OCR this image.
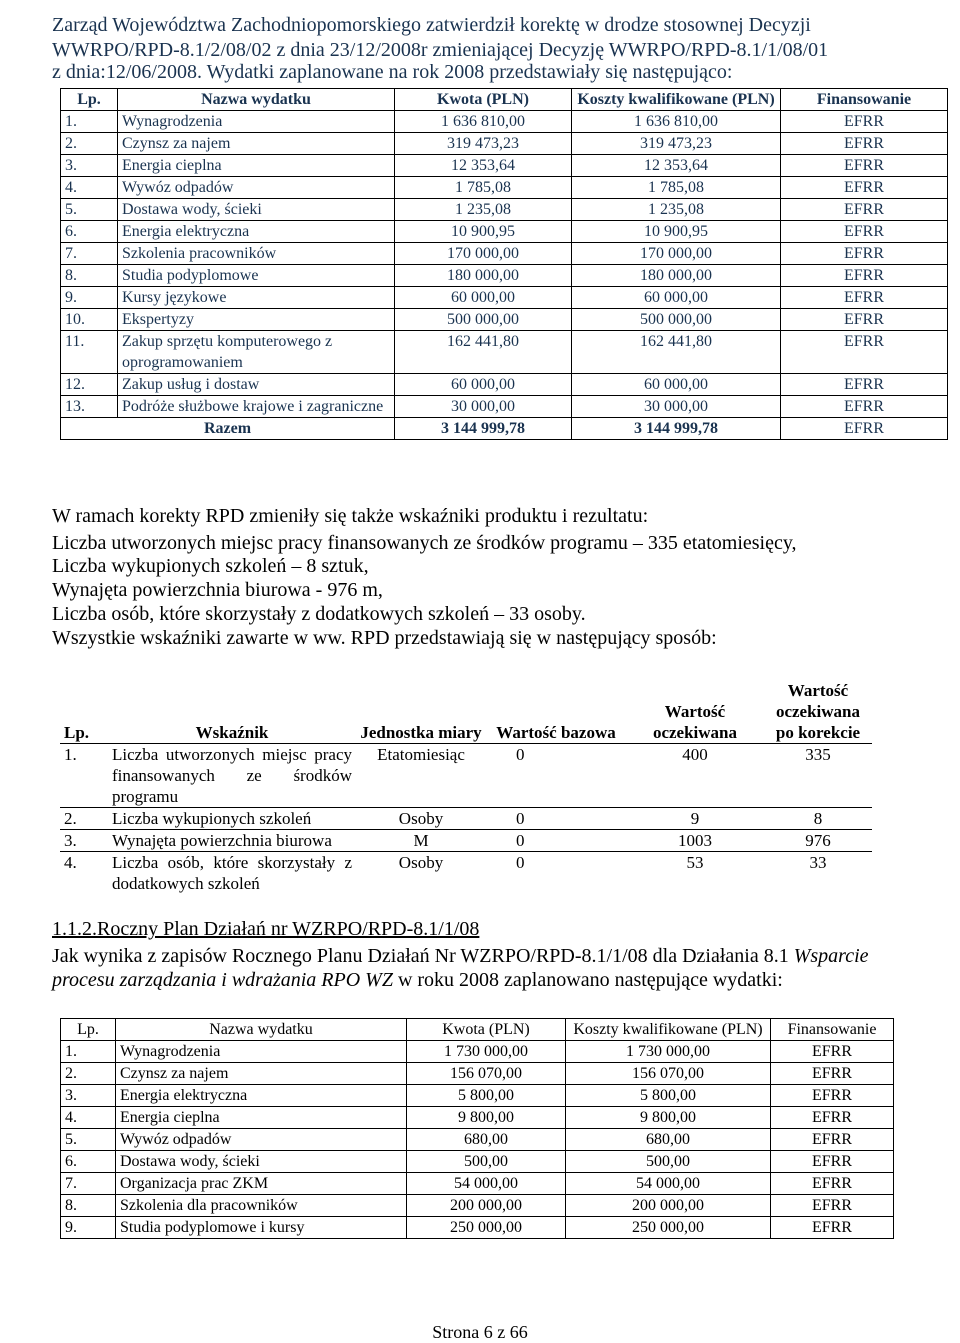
Zarząd Województwa Zachodniopomorskiego zatwierdził korektę w drodze stosownej Decyzji

WWRPO/RPD-8.1/2/08/02 z dnia 23/12/2008r zmieniającej Decyzję WWRPO/RPD-8.1/1/08/01

z dnia:12/06/2008. Wydatki zaplanowane na rok 2008 przedstawiały się następująco:

Lp.	Nazwa wydatku	Kwota (PLN)	Koszty kwalifikowane (PLN)	Finansowanie
1.	Wynagrodzenia	1 636 810,00	1 636 810,00	EFRR
2.	Czynsz za najem	319 473,23	319 473,23	EFRR
3.	Energia cieplna	12 353,64	12 353,64	EFRR
4.	Wywóz odpadów	1 785,08	1 785,08	EFRR
5.	Dostawa wody, ścieki	1 235,08	1 235,08	EFRR
6.	Energia elektryczna	10 900,95	10 900,95	EFRR
7.	Szkolenia pracowników	170 000,00	170 000,00	EFRR
8.	Studia podyplomowe	180 000,00	180 000,00	EFRR
9.	Kursy językowe	60 000,00	60 000,00	EFRR
10.	Ekspertyzy	500 000,00	500 000,00	EFRR
11.	Zakup sprzętu komputerowego z oprogramowaniem	162 441,80	162 441,80	EFRR
12.	Zakup usług i dostaw	60 000,00	60 000,00	EFRR
13.	Podróże służbowe krajowe i zagraniczne	30 000,00	30 000,00	EFRR
Razem		3 144 999,78	3 144 999,78	EFRR

W ramach korekty RPD zmieniły się także wskaźniki produktu i rezultatu:

Liczba utworzonych miejsc pracy finansowanych ze środków programu – 335 etatomiesięcy,

Liczba wykupionych szkoleń – 8 sztuk,

Wynajęta powierzchnia biurowa - 976 m,

Liczba osób, które skorzystały z dodatkowych szkoleń – 33 osoby.

Wszystkie wskaźniki zawarte w ww. RPD przedstawiają się w następujący sposób:

Lp.	Wskaźnik	Jednostka miary	Wartość bazowa	Wartość oczekiwana	Wartość oczekiwana po korekcie
1.	Liczba utworzonych miejsc pracy finansowanych ze środków programu	Etatomiesiąc	0	400	335
2.	Liczba wykupionych szkoleń	Osoby	0	9	8
3.	Wynajęta powierzchnia biurowa	M	0	1003	976
4.	Liczba osób, które skorzystały z dodatkowych szkoleń	Osoby	0	53	33

1.1.2.Roczny Plan Działań nr WZRPO/RPD-8.1/1/08

Jak wynika z zapisów Rocznego Planu Działań Nr WZRPO/RPD-8.1/1/08 dla Działania 8.1 Wsparcie

procesu zarządzania i wdrażania RPO WZ w roku 2008 zaplanowano następujące wydatki:

Lp.	Nazwa wydatku	Kwota (PLN)	Koszty kwalifikowane (PLN)	Finansowanie
1.	Wynagrodzenia	1 730 000,00	1 730 000,00	EFRR
2.	Czynsz za najem	156 070,00	156 070,00	EFRR
3.	Energia elektryczna	5 800,00	5 800,00	EFRR
4.	Energia cieplna	9 800,00	9 800,00	EFRR
5.	Wywóz odpadów	680,00	680,00	EFRR
6.	Dostawa wody, ścieki	500,00	500,00	EFRR
7.	Organizacja prac ZKM	54 000,00	54 000,00	EFRR
8.	Szkolenia dla pracowników	200 000,00	200 000,00	EFRR
9.	Studia podyplomowe i kursy	250 000,00	250 000,00	EFRR
Strona 6 z 66
